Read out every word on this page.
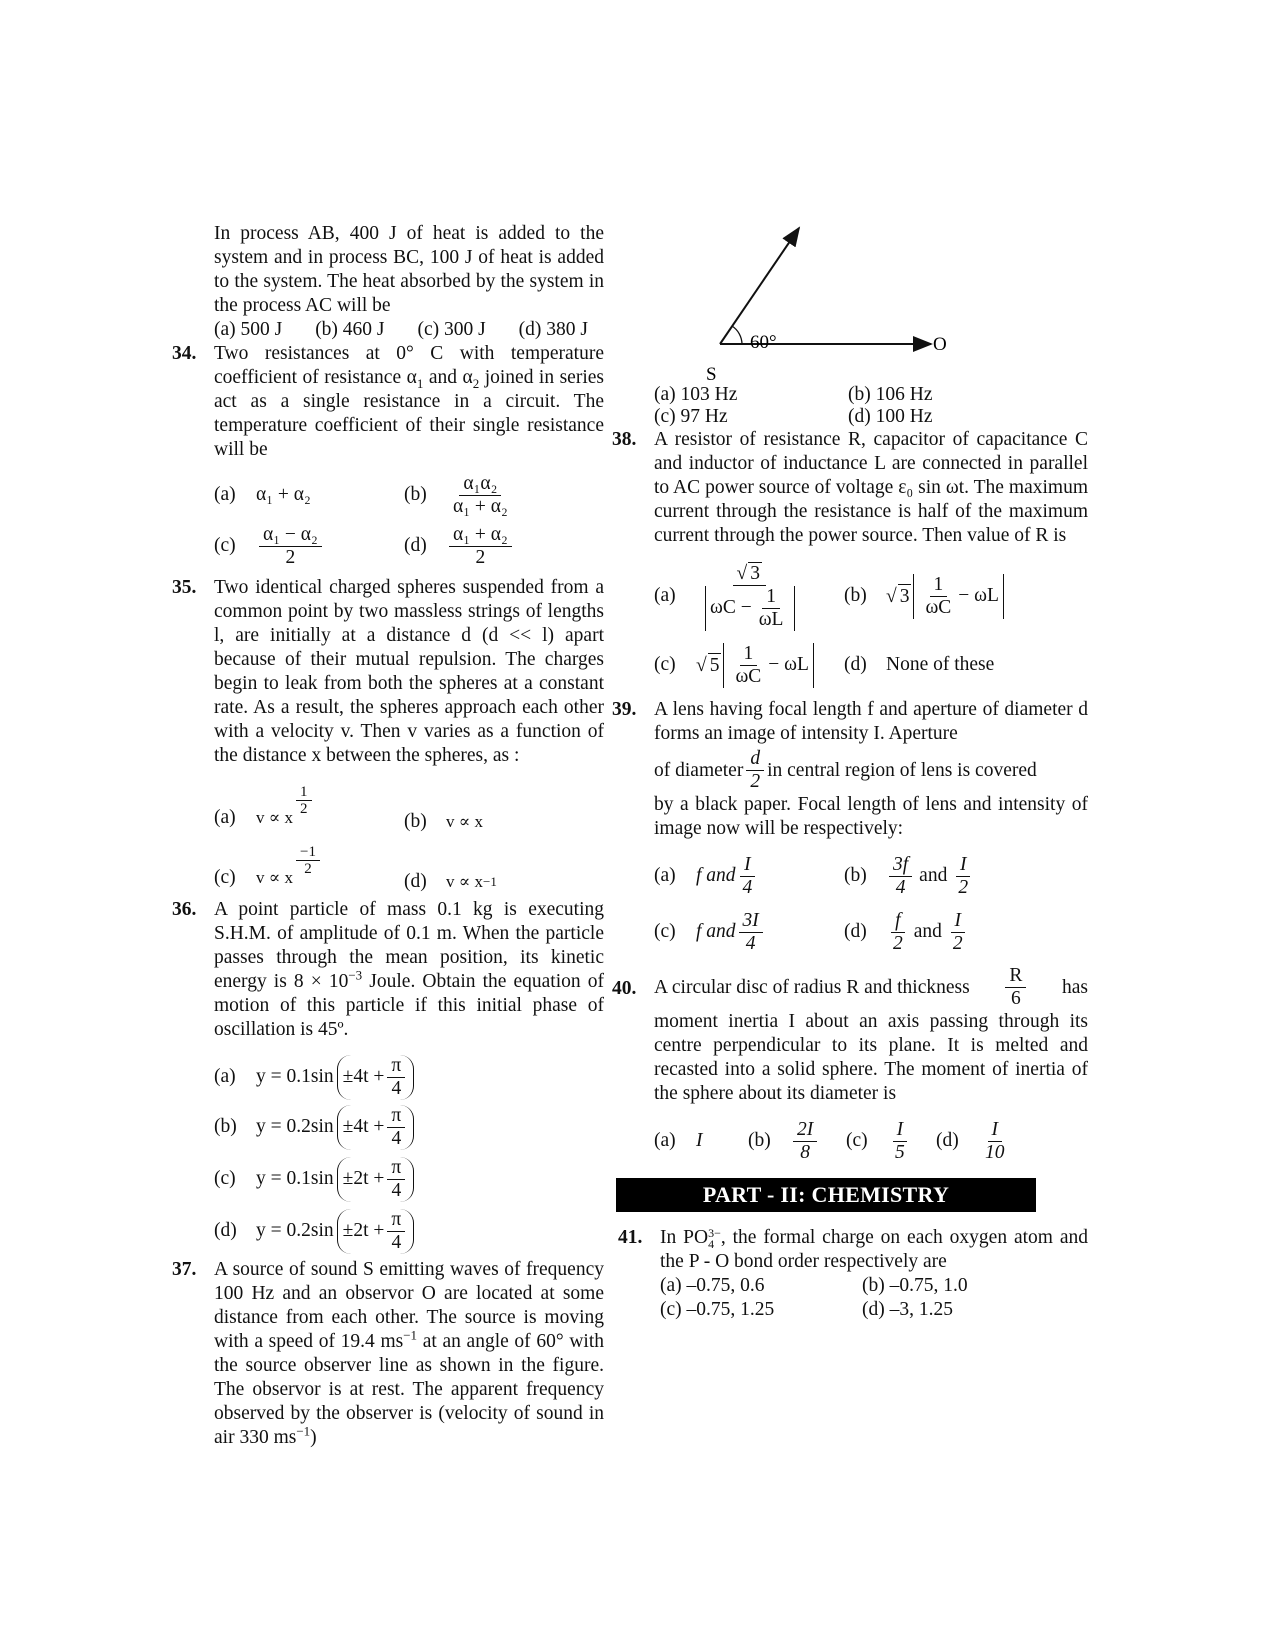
In process AB, 400 J of heat is added to the system and in process BC, 100 J of heat is added to the system. The heat absorbed by the system in the process AC will be

(a) 500 J (b) 460 J (c) 300 J (d) 380 J
34. Two resistances at 0° C with temperature coefficient of resistance $\alpha_1$ and $\alpha_2$ joined in series act as a single resistance in a circuit. The temperature coefficient of their single resistance will be

(a)	α₁ + α₂	(b)	$\frac{\text{α₁α₂}}{\text{α₁ + α₂}}$
(c)	$\frac{\text{α₁ − α₂}}{2}$	(d)	$\frac{\text{α₁ + α₂}}{2}$
35. Two identical charged spheres suspended from a common point by two massless strings of lengths l, are initially at a distance d (d << l) apart because of their mutual repulsion. The charges begin to leak from both the spheres at a constant rate. As a result, the spheres approach each other with a velocity v. Then v varies as a function of the distance x between the spheres, as :

(a)	v ∝ x $\frac{1}{2}$
(b)	v ∝ x
(c)	v ∝ x $\frac{-1}{2}$
(d)	v ∝ x −1
36. A point particle of mass 0.1 kg is executing S.H.M. of amplitude of 0.1 m. When the particle passes through the mean position, its kinetic energy is $8 \times 10^{-3}$ Joule. Obtain the equation of motion of this particle if this initial phase of oscillation is 45º.

(a)	$y = 0.1\sin \pm 4t + \frac{\pi}{4}$
(b) $y = 0.2\sin \pm 4t + \frac{\pi}{4}$
(c)	$y = 0.1\sin \pm 2t + \frac{\pi}{4}$
(d) $y = 0.2\sin \pm 2t + \frac{\pi}{4}$
37. A source of sound S emitting waves of frequency 100 Hz and an observor O are located at some distance from each other. The source is moving with a speed of 19.4 $ms^{-1}$ at an angle of 60° with the source observer line as shown in the figure. The observor is at rest. The apparent frequency observed by the observer is (velocity of sound in air 330 $ms^{-1}$)

60°
S
O
(a) 103 Hz	(b) 106 Hz
(c) 97 Hz	(d) 100 Hz
38. A resistor of resistance R, capacitor of capacitance C and inductor of inductance L are connected in parallel to AC power source of voltage ε₀ sin ωt. The maximum current through the resistance is half of the maximum current through the power source. Then value of R is

(a)	$\frac{√ 3}{\omega C - \frac{1}{\omega L}} (b)$ √ $3 \frac{1}{\omega C} - \omega L$
(c)	√ $5 \frac{1}{\omega C} - \omega L$ (d) None of these
39. A lens having focal length f and aperture of diameter d forms an image of intensity I. Aperture

of diameter $\frac{d}{2}$ in central region of lens is covered

by a black paper. Focal length of lens and intensity of image now will be respectively:

(a)	f and $\frac{I}{4}$	(b)	$\frac{3f}{4}$ and $\frac{I}{2}$
(c)	f and $\frac{3I}{4}$	(d)	$\frac{f}{2}$ and $\frac{I}{2}$
40. A circular disc of radius R and thickness $\frac{R}{6}$ has

moment inertia I about an axis passing through its centre perpendicular to its plane. It is melted and recasted into a solid sphere. The moment of inertia of the sphere about its diameter is

(a)	I (b)	$\frac{2I}{8} (c)$	$\frac{I}{5} (d)$	$\frac{I}{10}$
PART - II: CHEMISTRY
41. In PO 3−
4 , the formal charge on each oxygen atom and the P - O bond order respectively are

(a) –0.75, 0.6	(b) –0.75, 1.0
(c) –0.75, 1.25	(d) –3, 1.25
